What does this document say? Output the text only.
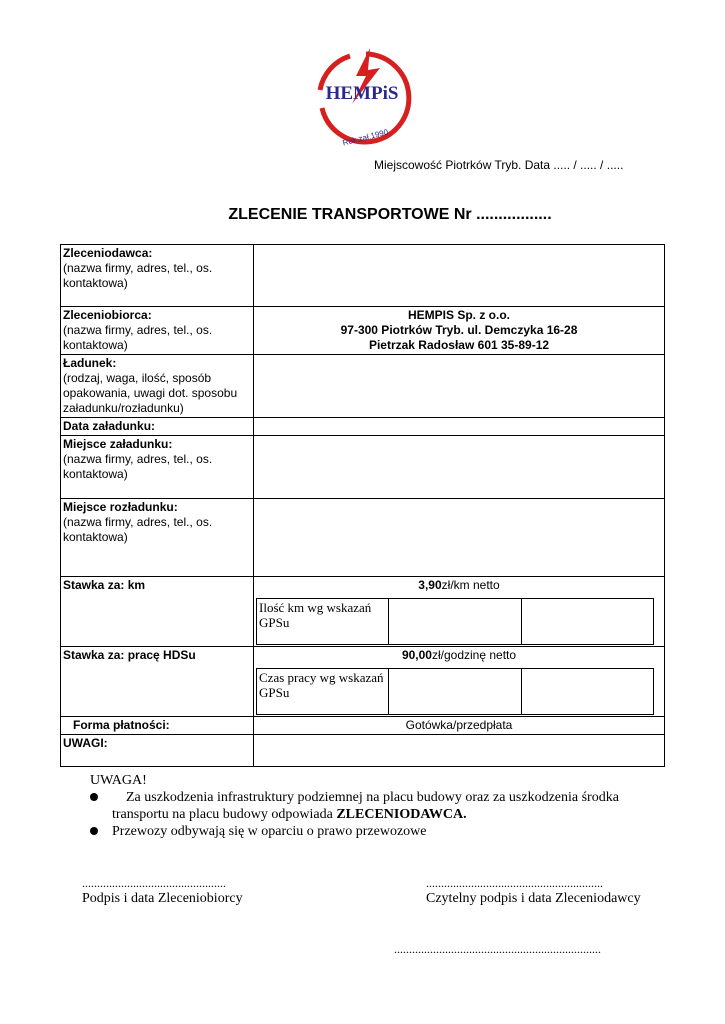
HEMPiS
Rok zał.1990
Miejscowość Piotrków Tryb. Data ..... / ..... / .....
ZLECENIE TRANSPORTOWE Nr .................
Zleceniodawca:
(nazwa firmy, adres, tel., os. kontaktowa)	
Zleceniobiorca:
(nazwa firmy, adres, tel., os. kontaktowa)	
HEMPIS Sp. z o.o.
97-300 Piotrków Tryb. ul. Demczyka 16-28
Pietrzak Radosław 601 35-89-12

Ładunek:
(rodzaj, waga, ilość, sposób opakowania, uwagi dot. sposobu załadunku/rozładunku)	
Data załadunku:	
Miejsce załadunku:
(nazwa firmy, adres, tel., os. kontaktowa)	
Miejsce rozładunku:
(nazwa firmy, adres, tel., os. kontaktowa)	
Stawka za: km	3,90zł/km netto
Ilość km wg wskazań GPSu		

Stawka za: pracę HDSu	90,00zł/godzinę netto
Czas pracy wg wskazań GPSu		

Forma płatności:	Gotówka/przedpłata
UWAGI:	
UWAGA!
Za uszkodzenia infrastruktury podziemnej na placu budowy oraz za uszkodzenia środka
transportu na placu budowy odpowiada ZLECENIODAWCA.
Przewozy odbywają się w oparciu o prawo przewozowe
................................................
Podpis i data Zleceniobiorcy
...........................................................
Czytelny podpis i data Zleceniodawcy
.....................................................................
